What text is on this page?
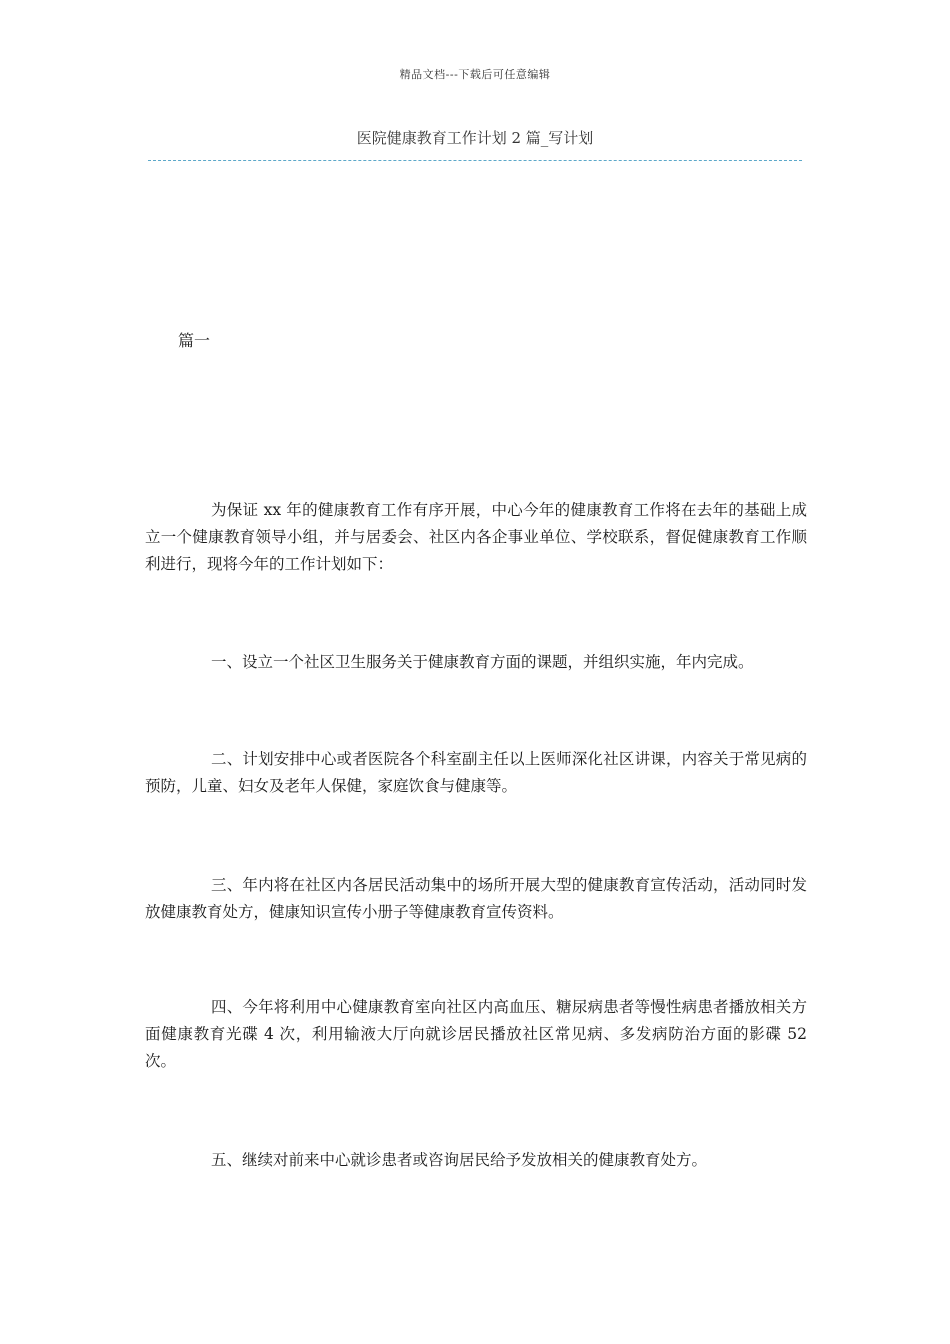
精品文档---下载后可任意编辑
医院健康教育工作计划 2 篇_写计划
篇一

为保证 xx 年的健康教育工作有序开展，中心今年的健康教育工作将在去年的基础上成立一个健康教育领导小组，并与居委会、社区内各企事业单位、学校联系，督促健康教育工作顺利进行，现将今年的工作计划如下：

一、设立一个社区卫生服务关于健康教育方面的课题，并组织实施，年内完成。

二、计划安排中心或者医院各个科室副主任以上医师深化社区讲课，内容关于常见病的预防，儿童、妇女及老年人保健，家庭饮食与健康等。

三、年内将在社区内各居民活动集中的场所开展大型的健康教育宣传活动，活动同时发放健康教育处方，健康知识宣传小册子等健康教育宣传资料。

四、今年将利用中心健康教育室向社区内高血压、糖尿病患者等慢性病患者播放相关方面健康教育光碟 4 次，利用输液大厅向就诊居民播放社区常见病、多发病防治方面的影碟 52 次。

五、继续对前来中心就诊患者或咨询居民给予发放相关的健康教育处方。
